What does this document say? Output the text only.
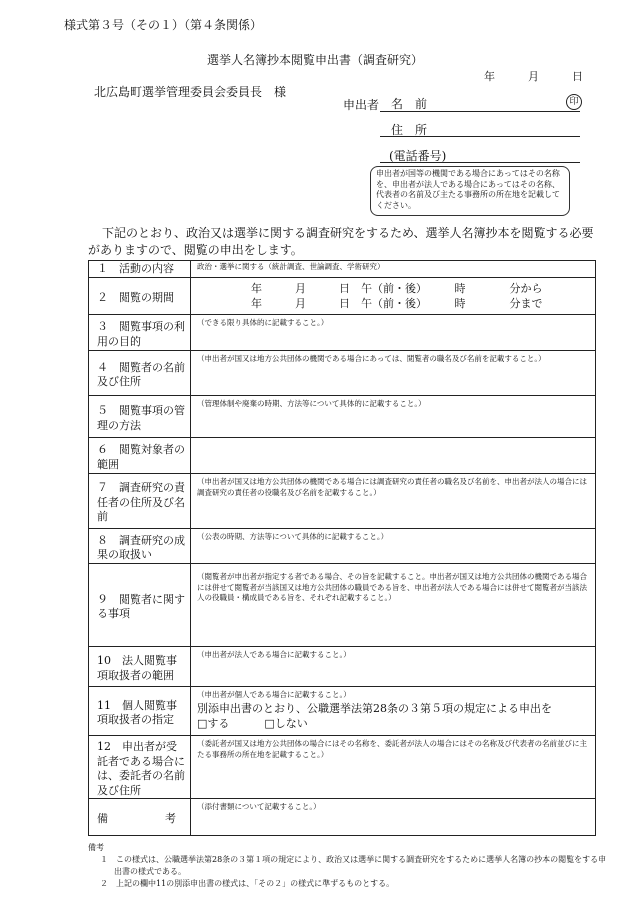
様式第３号（その１）（第４条関係）
選挙人名簿抄本閲覧申出書（調査研究）
年　　　月　　　日
北広島町選挙管理委員会委員長　様
申出者 名　前	印
住　所
(電話番号)
申出者が国等の機関である場合にあってはその名称を、申出者が法人である場合にあってはその名称、代表者の名前及び主たる事務所の所在地を記載してください。
下記のとおり、政治又は選挙に関する調査研究をするため、選挙人名簿抄本を閲覧する必要がありますので、閲覧の申出をします。
１　活動の内容	政治・選挙に関する（統計調査、世論調査、学術研究）
２　閲覧の期間	年　　　月　　　日　午（前・後）　　　時　　　　分から
年　　　月　　　日　午（前・後）　　　時　　　　分まで

３　閲覧事項の利用の目的	（できる限り具体的に記載すること。）
４　閲覧者の名前及び住所	（申出者が国又は地方公共団体の機関である場合にあっては、閲覧者の職名及び名前を記載すること。）
５　閲覧事項の管理の方法	（管理体制や廃棄の時期、方法等について具体的に記載すること。）
６　閲覧対象者の範囲	
７　調査研究の責任者の住所及び名前	（申出者が国又は地方公共団体の機関である場合には調査研究の責任者の職名及び名前を、申出者が法人の場合には調査研究の責任者の役職名及び名前を記載すること。）
８　調査研究の成果の取扱い	（公表の時期、方法等について具体的に記載すること。）
９　閲覧者に関する事項	（閲覧者が申出者が指定する者である場合、その旨を記載すること。申出者が国又は地方公共団体の機関である場合には併せて閲覧者が当該国又は地方公共団体の職員である旨を、申出者が法人である場合には併せて閲覧者が当該法人の役職員・構成員である旨を、それぞれ記載すること。）
10　法人閲覧事項取扱者の範囲	（申出者が法人である場合に記載すること。）
11　個人閲覧事項取扱者の指定	（申出者が個人である場合に記載すること。）
別添申出書のとおり、公職選挙法第28条の３第５項の規定による申出を
□する □しない

12　申出者が受託者である場合には、委託者の名前及び住所	（委託者が国又は地方公共団体の場合にはその名称を、委託者が法人の場合にはその名称及び代表者の名前並びに主たる事務所の所在地を記載すること。）

備 考	（添付書類について記載すること。）
備考
１　この様式は、公職選挙法第28条の３第１項の規定により、政治又は選挙に関する調査研究をするために選挙人名簿の抄本の閲覧をする申出書の様式である。
２　上記の欄中11の別添申出書の様式は、「その２」の様式に準ずるものとする。
